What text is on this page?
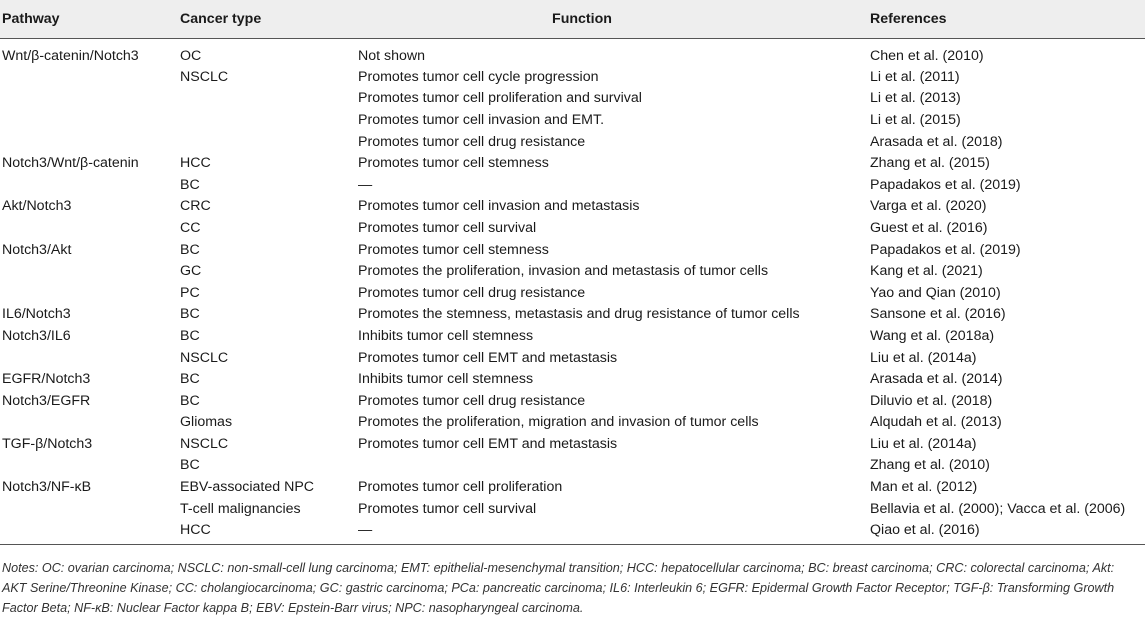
Pathway	Cancer type	Function	References
Wnt/β-catenin/Notch3	OC	Not shown	Chen et al. (2010)
	NSCLC	Promotes tumor cell cycle progression	Li et al. (2011)
		Promotes tumor cell proliferation and survival	Li et al. (2013)
		Promotes tumor cell invasion and EMT.	Li et al. (2015)
		Promotes tumor cell drug resistance	Arasada et al. (2018)
Notch3/Wnt/β-catenin	HCC	Promotes tumor cell stemness	Zhang et al. (2015)
	BC	—	Papadakos et al. (2019)
Akt/Notch3	CRC	Promotes tumor cell invasion and metastasis	Varga et al. (2020)
	CC	Promotes tumor cell survival	Guest et al. (2016)
Notch3/Akt	BC	Promotes tumor cell stemness	Papadakos et al. (2019)
	GC	Promotes the proliferation, invasion and metastasis of tumor cells	Kang et al. (2021)
	PC	Promotes tumor cell drug resistance	Yao and Qian (2010)
IL6/Notch3	BC	Promotes the stemness, metastasis and drug resistance of tumor cells	Sansone et al. (2016)
Notch3/IL6	BC	Inhibits tumor cell stemness	Wang et al. (2018a)
	NSCLC	Promotes tumor cell EMT and metastasis	Liu et al. (2014a)
EGFR/Notch3	BC	Inhibits tumor cell stemness	Arasada et al. (2014)
Notch3/EGFR	BC	Promotes tumor cell drug resistance	Diluvio et al. (2018)
	Gliomas	Promotes the proliferation, migration and invasion of tumor cells	Alqudah et al. (2013)
TGF-β/Notch3	NSCLC	Promotes tumor cell EMT and metastasis	Liu et al. (2014a)
	BC		Zhang et al. (2010)
Notch3/NF-κB	EBV-associated NPC	Promotes tumor cell proliferation	Man et al. (2012)
	T-cell malignancies	Promotes tumor cell survival	Bellavia et al. (2000); Vacca et al. (2006)
	HCC	—	Qiao et al. (2016)
Notes: OC: ovarian carcinoma; NSCLC: non-small-cell lung carcinoma; EMT: epithelial-mesenchymal transition; HCC: hepatocellular carcinoma; BC: breast carcinoma; CRC: colorectal carcinoma; Akt: AKT Serine/Threonine Kinase; CC: cholangiocarcinoma; GC: gastric carcinoma; PCa: pancreatic carcinoma; IL6: Interleukin 6; EGFR: Epidermal Growth Factor Receptor; TGF-β: Transforming Growth Factor Beta; NF-κB: Nuclear Factor kappa B; EBV: Epstein-Barr virus; NPC: nasopharyngeal carcinoma.
